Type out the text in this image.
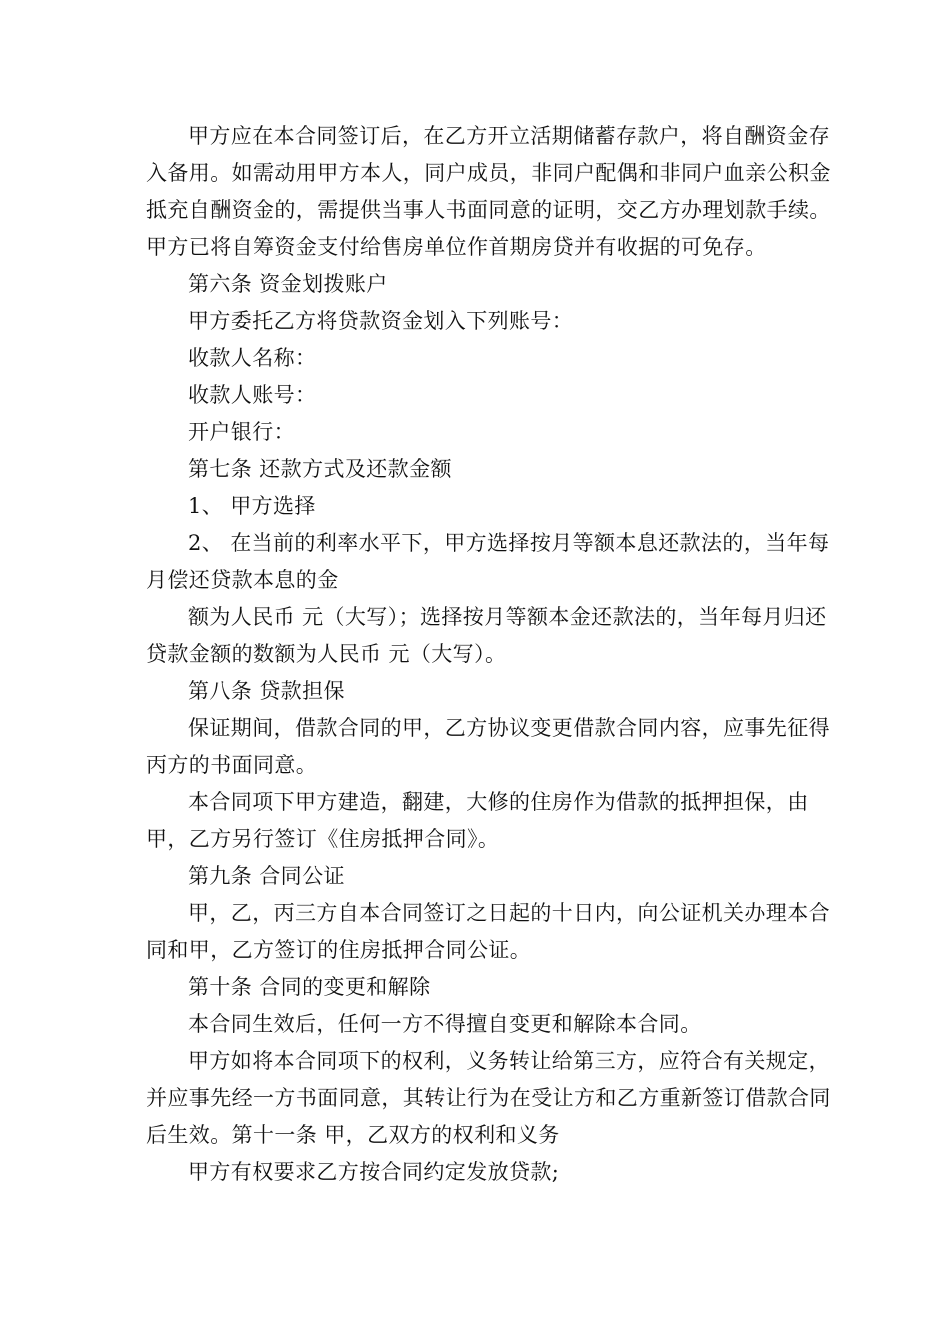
甲方应在本合同签订后，在乙方开立活期储蓄存款户，将自酬资金存入备用。如需动用甲方本人，同户成员，非同户配偶和非同户血亲公积金抵充自酬资金的，需提供当事人书面同意的证明，交乙方办理划款手续。甲方已将自筹资金支付给售房单位作首期房贷并有收据的可免存。

第六条 资金划拨账户

甲方委托乙方将贷款资金划入下列账号：

收款人名称：

收款人账号：

开户银行：

第七条 还款方式及还款金额

1、 甲方选择

2、 在当前的利率水平下，甲方选择按月等额本息还款法的，当年每月偿还贷款本息的金

额为人民币 元（大写）；选择按月等额本金还款法的，当年每月归还贷款金额的数额为人民币 元（大写）。

第八条 贷款担保

保证期间，借款合同的甲，乙方协议变更借款合同内容，应事先征得丙方的书面同意。

本合同项下甲方建造，翻建，大修的住房作为借款的抵押担保，由甲，乙方另行签订《住房抵押合同》。

第九条 合同公证

甲，乙，丙三方自本合同签订之日起的十日内，向公证机关办理本合同和甲，乙方签订的住房抵押合同公证。

第十条 合同的变更和解除

本合同生效后，任何一方不得擅自变更和解除本合同。

甲方如将本合同项下的权利，义务转让给第三方，应符合有关规定，并应事先经一方书面同意，其转让行为在受让方和乙方重新签订借款合同后生效。第十一条 甲，乙双方的权利和义务

甲方有权要求乙方按合同约定发放贷款;
